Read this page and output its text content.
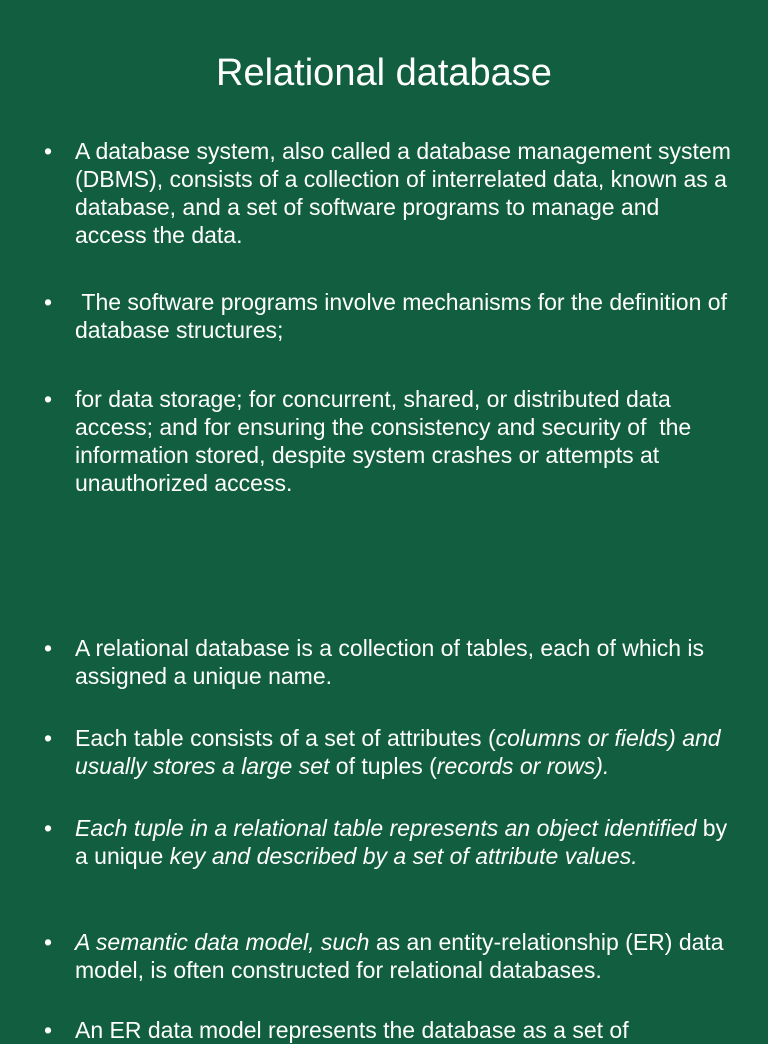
Relational database
• A database system, also called a database management system (DBMS), consists of a collection of interrelated data, known as a database, and a set of software programs to manage and access the data.
• The software programs involve mechanisms for the definition of database structures;
• for data storage; for concurrent, shared, or distributed data access; and for ensuring the consistency and security of  the information stored, despite system crashes or attempts at unauthorized access.
• A relational database is a collection of tables, each of which is assigned a unique name.
• Each table consists of a set of attributes (columns or fields) and usually stores a large set of tuples (records or rows).
• Each tuple in a relational table represents an object identified by a unique key and described by a set of attribute values.
• A semantic data model, such as an entity-relationship (ER) data model, is often constructed for relational databases.
• An ER data model represents the database as a set of
